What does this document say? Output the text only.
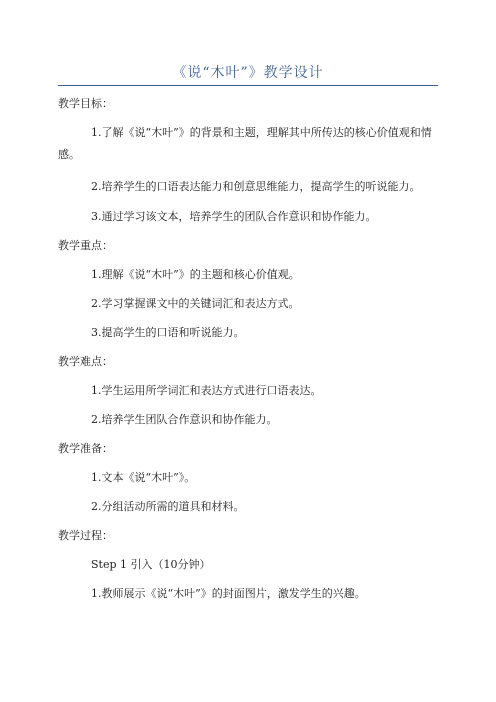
《说“木叶”》教学设计
教学目标：
1.了解《说“木叶”》的背景和主题，理解其中所传达的核心价值观和情感。
2.培养学生的口语表达能力和创意思维能力，提高学生的听说能力。
3.通过学习该文本，培养学生的团队合作意识和协作能力。
教学重点：
1.理解《说“木叶”》的主题和核心价值观。
2.学习掌握课文中的关键词汇和表达方式。
3.提高学生的口语和听说能力。
教学难点：
1.学生运用所学词汇和表达方式进行口语表达。
2.培养学生团队合作意识和协作能力。
教学准备：
1.文本《说“木叶”》。
2.分组活动所需的道具和材料。
教学过程：
Step 1 引入（10分钟）
1.教师展示《说“木叶”》的封面图片，激发学生的兴趣。
